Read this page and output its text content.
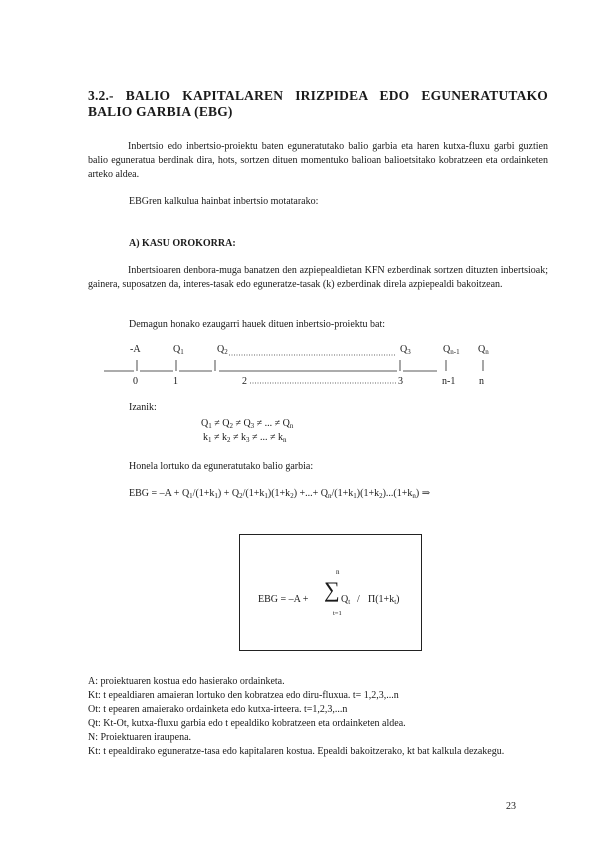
3.2.- BALIO KAPITALAREN IRIZPIDEA EDO EGUNERATUTAKO
BALIO GARBIA (EBG)
Inbertsio edo inbertsio-proiektu baten eguneratutako balio garbia eta haren kutxa-fluxu garbi guztien balio eguneratua berdinak dira, hots, sortzen dituen momentuko balioan balioetsitako kobratzeen eta ordainketen arteko aldea.
EBGren kalkulua hainbat inbertsio motatarako:
A) KASU OROKORRA:
Inbertsioaren denbora-muga banatzen den azpiepealdietan KFN ezberdinak sortzen dituzten inbertsioak; gainera, suposatzen da, interes-tasak edo eguneratze-tasak (k) ezberdinak direla azpiepealdi bakoitzean.
Demagun honako ezaugarri hauek dituen inbertsio-proiektu bat:
-A	$Q_1$	$Q_2$	$Q_3$	$Q_{n-1}$ $Q_n$
0	1	2	3	n-1 n
Izanik:
$Q_1 \ne Q_2 \ne Q_3$ ≠ ... ≠ $Q_n$
$k_1 \ne k_2 \ne k_3$ ≠ ... ≠ $k_n$
Honela lortuko da eguneratutako balio garbia:
EBG = $-A + Q_1/(1+k_1) + Q_2/(1+k_1)(1+k_2)$ +...+ $Q_n/(1+k_1)(1+k_2)...(1+k_n)$ ⇒
n
EBG = –A + ∑ $Q_t / \Pi(1+k_t)$
t=1
A: proiektuaren kostua edo hasierako ordainketa.
Kt: t epealdiaren amaieran lortuko den kobratzea edo diru-fluxua. t= 1,2,3,...n
Ot: t epearen amaierako ordainketa edo kutxa-irteera. t=1,2,3,...n
Qt: Kt-Ot, kutxa-fluxu garbia edo t epealdiko kobratzeen eta ordainketen aldea.
N: Proiektuaren iraupena.
Kt: t epealdirako eguneratze-tasa edo kapitalaren kostua. Epealdi bakoitzerako, kt bat kalkula dezakegu.
23
